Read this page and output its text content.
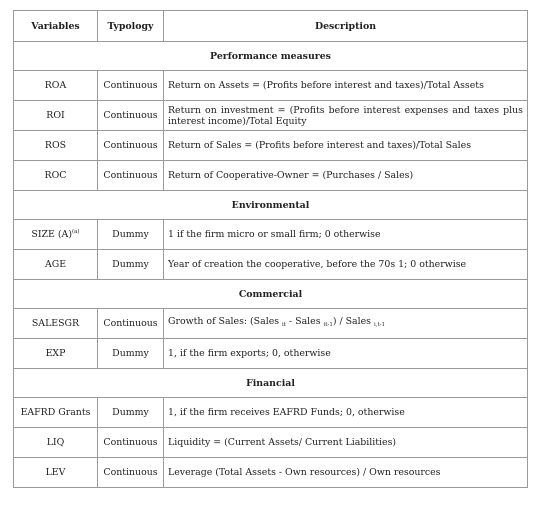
Variables	Typology	Description
Performance measures		
ROA	Continuous	Return on Assets = (Profits before interest and taxes)/Total Assets
ROI	Continuous	Return on investment = (Profits before interest expenses and taxes plus interest income)/Total Equity
ROS	Continuous	Return of Sales = (Profits before interest and taxes)/Total Sales
ROC	Continuous	Return of Cooperative-Owner = (Purchases / Sales)
Environmental		
SIZE $(A)^{(a)}$	Dummy	1 if the firm micro or small firm; 0 otherwise
AGE	Dummy	Year of creation the cooperative, before the 70s 1; 0 otherwise
Commercial		
SALESGR	Continuous	Growth of Sales: (Sales $_{it}$ - Sales $_{it-1}$) / Sales $_{i,t-1}$
EXP	Dummy	1, if the firm exports; 0, otherwise
Financial		
EAFRD Grants	Dummy	1, if the firm receives EAFRD Funds; 0, otherwise
LIQ	Continuous	Liquidity = (Current Assets/ Current Liabilities)
LEV	Continuous	Leverage (Total Assets - Own resources) / Own resources
